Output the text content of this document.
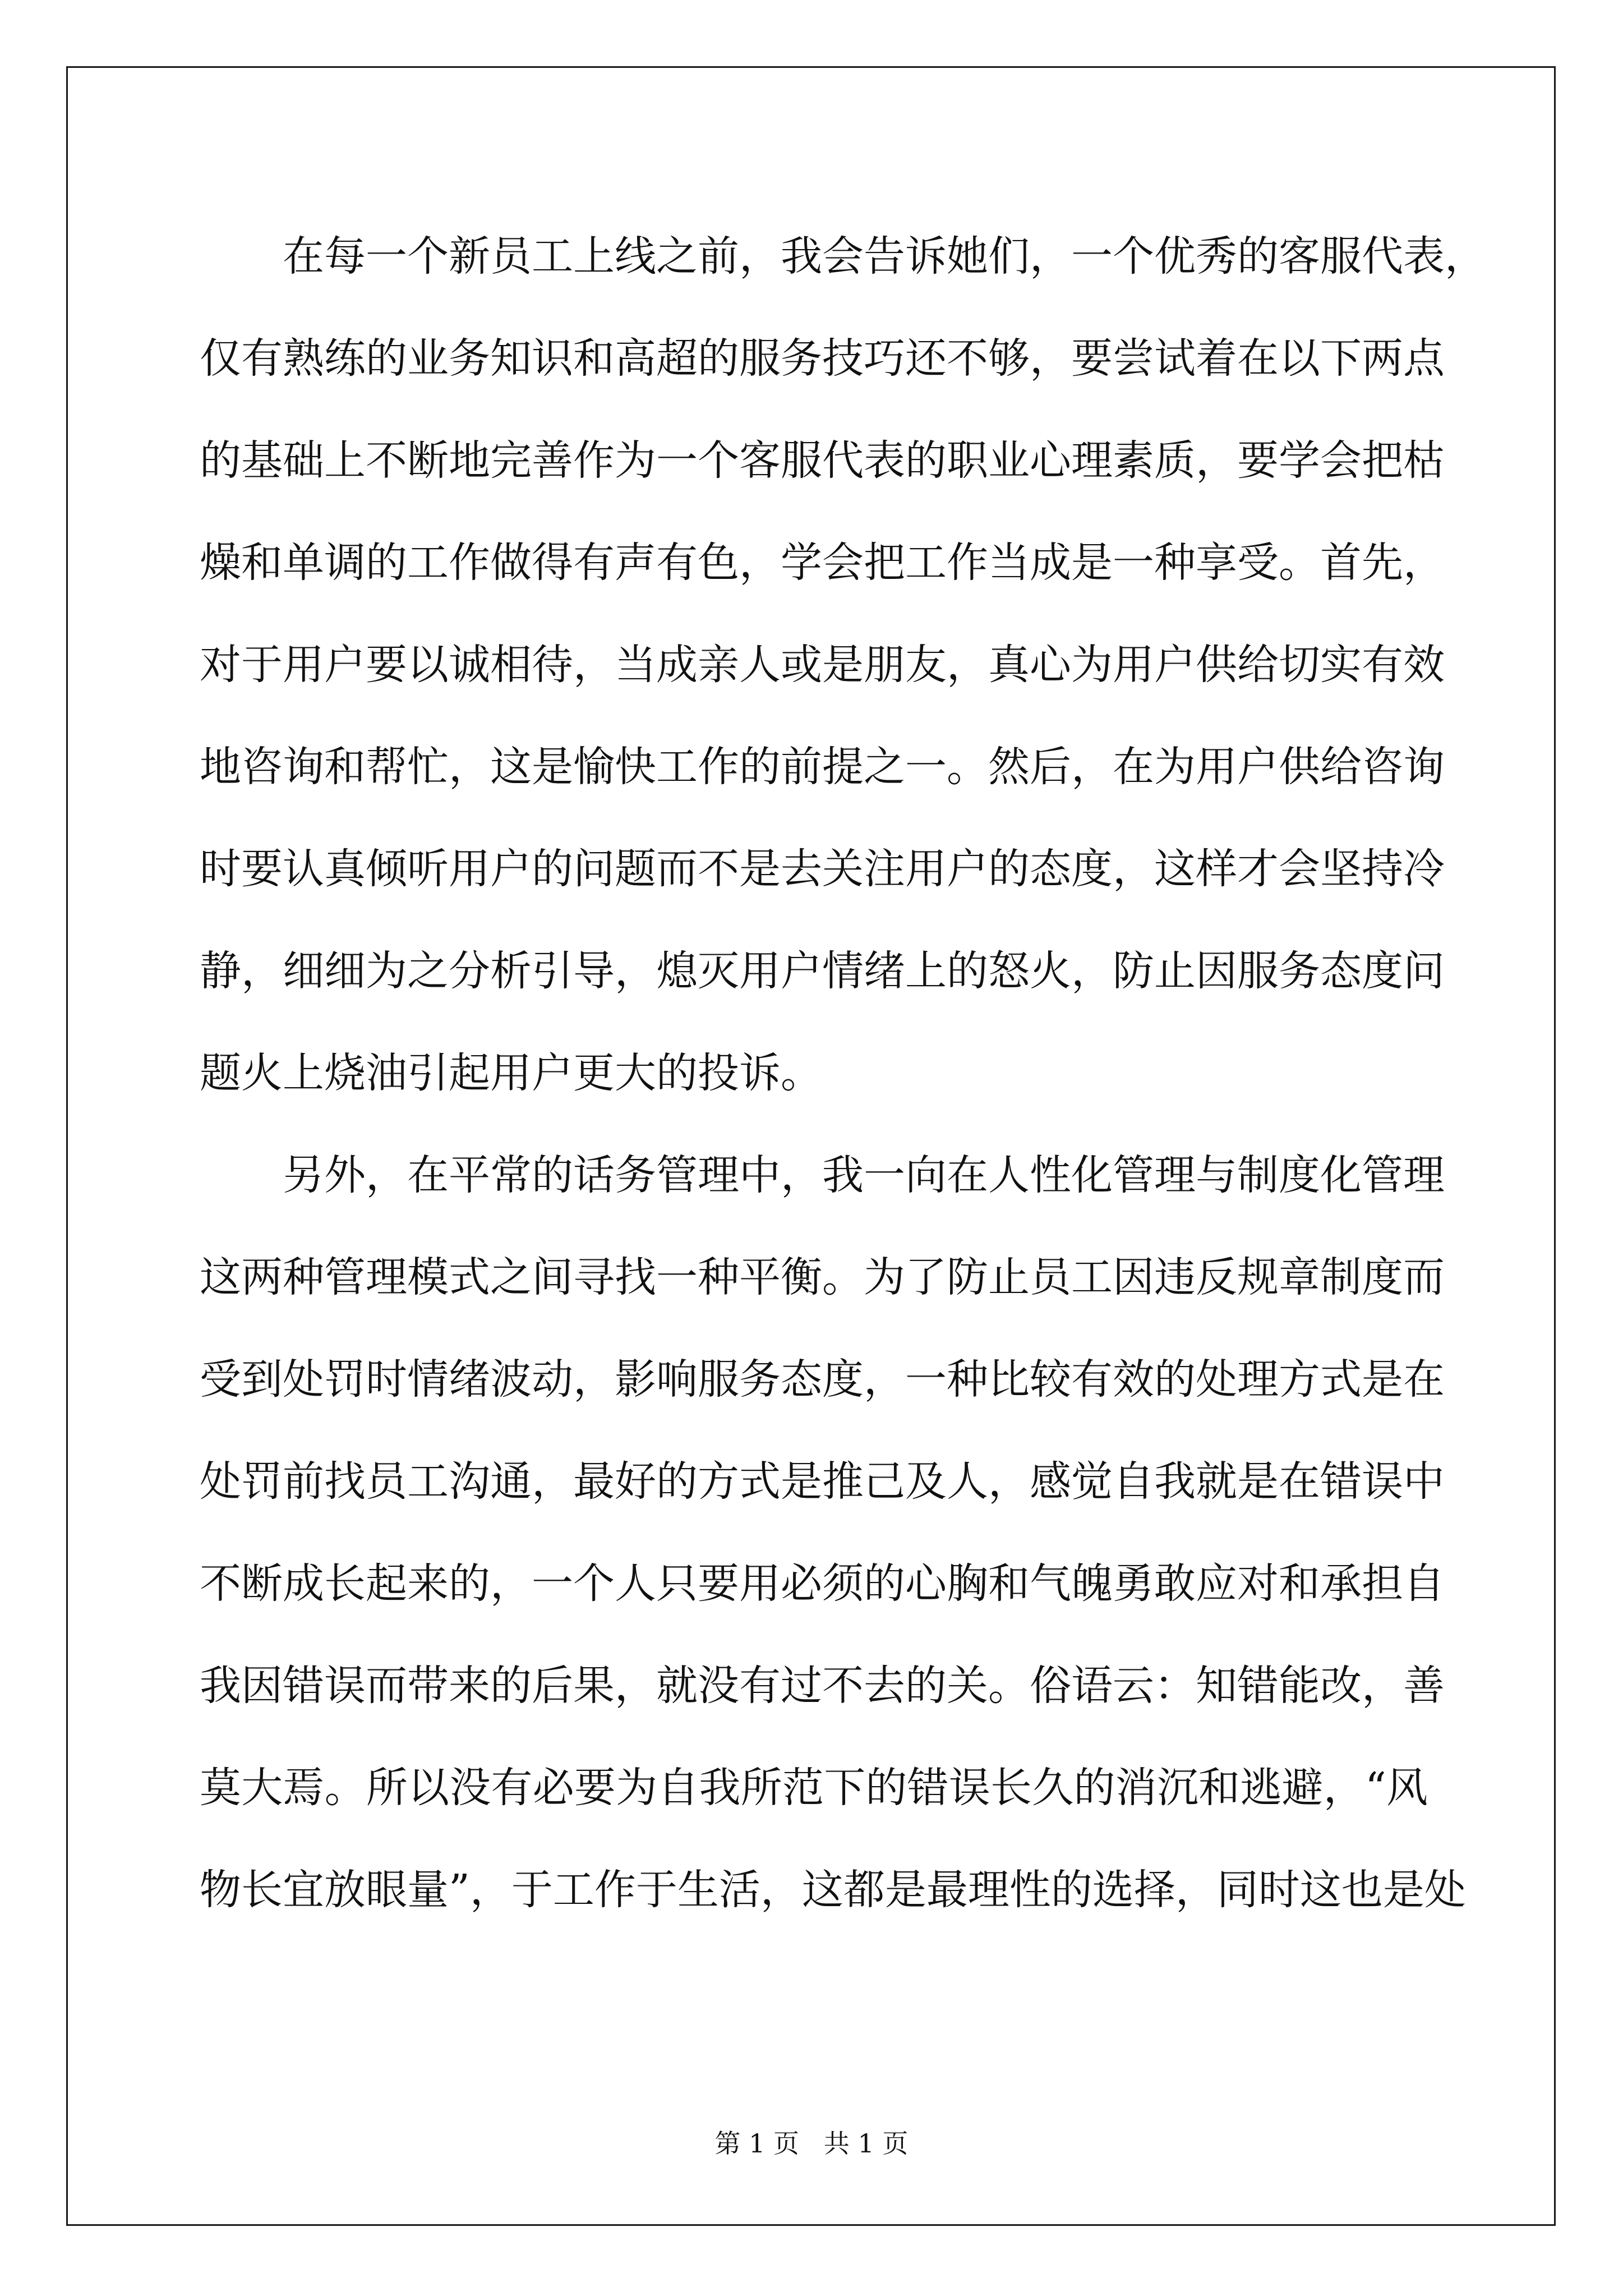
在每一个新员工上线之前，我会告诉她们，一个优秀的客服代表，
仅有熟练的业务知识和高超的服务技巧还不够，要尝试着在以下两点
的基础上不断地完善作为一个客服代表的职业心理素质，要学会把枯
燥和单调的工作做得有声有色，学会把工作当成是一种享受。首先，
对于用户要以诚相待，当成亲人或是朋友，真心为用户供给切实有效
地咨询和帮忙，这是愉快工作的前提之一。然后，在为用户供给咨询
时要认真倾听用户的问题而不是去关注用户的态度，这样才会坚持冷
静，细细为之分析引导，熄灭用户情绪上的怒火，防止因服务态度问
题火上烧油引起用户更大的投诉。
另外，在平常的话务管理中，我一向在人性化管理与制度化管理
这两种管理模式之间寻找一种平衡。为了防止员工因违反规章制度而
受到处罚时情绪波动，影响服务态度，一种比较有效的处理方式是在
处罚前找员工沟通，最好的方式是推己及人，感觉自我就是在错误中
不断成长起来的，一个人只要用必须的心胸和气魄勇敢应对和承担自
我因错误而带来的后果，就没有过不去的关。俗语云：知错能改，善
莫大焉。所以没有必要为自我所范下的错误长久的消沉和逃避，“风
物长宜放眼量”，于工作于生活，这都是最理性的选择，同时这也是处
第 1 页   共 1 页
